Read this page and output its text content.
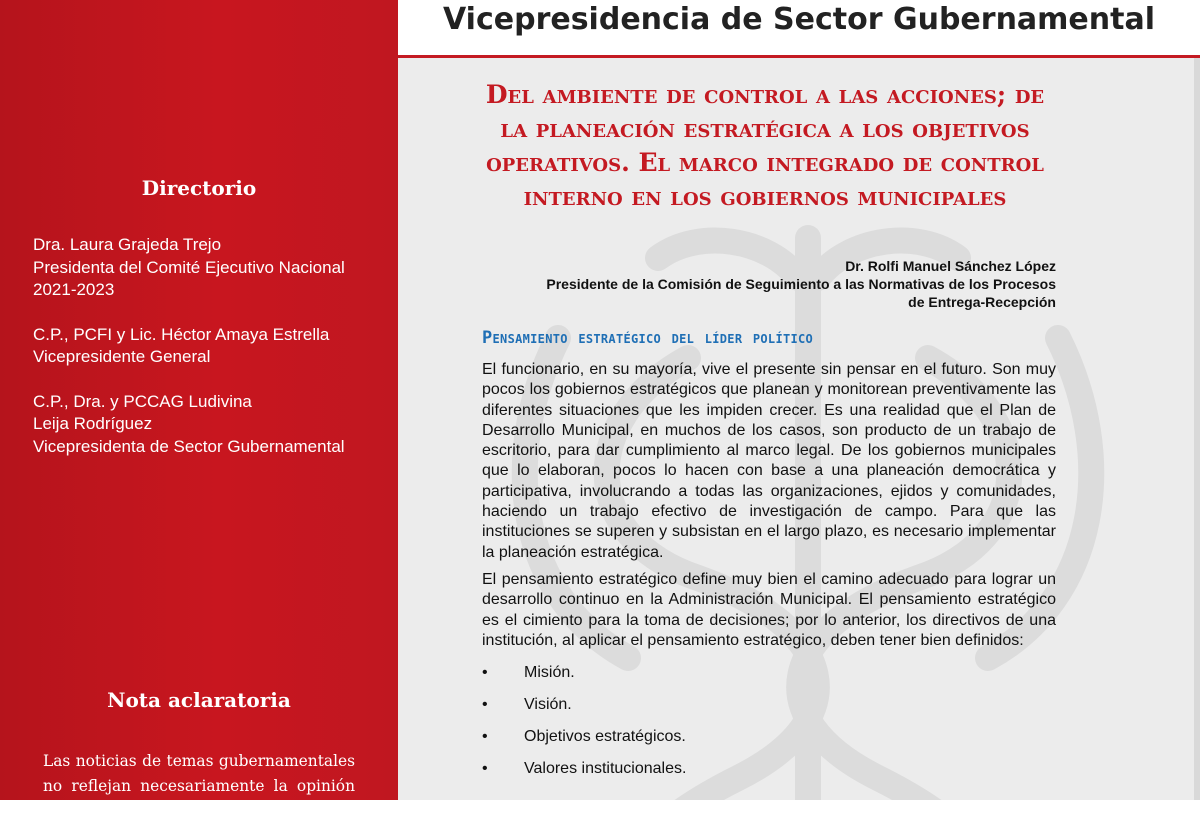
Directorio
Dra. Laura Grajeda Trejo
Presidenta del Comité Ejecutivo Nacional
2021-2023
C.P., PCFI y Lic. Héctor Amaya Estrella
Vicepresidente General
C.P., Dra. y PCCAG Ludivina
Leija Rodríguez
Vicepresidenta de Sector Gubernamental
Nota aclaratoria
Las noticias de temas gubernamentales no reflejan necesariamente la opinión del
Vicepresidencia de Sector Gubernamental
Del ambiente de control a las acciones; de la planeación estratégica a los objetivos operativos. El marco integrado de control interno en los gobiernos municipales
Dr. Rolfi Manuel Sánchez López
Presidente de la Comisión de Seguimiento a las Normativas de los Procesos
de Entrega-Recepción
Pensamiento estratégico del líder político

El funcionario, en su mayoría, vive el presente sin pensar en el futuro. Son muy pocos los gobiernos estratégicos que planean y monitorean preventivamente las diferentes situaciones que les impiden crecer. Es una realidad que el Plan de Desarrollo Municipal, en muchos de los casos, son producto de un trabajo de escritorio, para dar cumplimiento al marco legal. De los gobiernos municipales que lo elaboran, pocos lo hacen con base a una planeación democrática y participativa, involucrando a todas las organizaciones, ejidos y comunidades, haciendo un trabajo efectivo de investigación de campo. Para que las instituciones se superen y subsistan en el largo plazo, es necesario implementar la planeación estratégica.

El pensamiento estratégico define muy bien el camino adecuado para lograr un desarrollo continuo en la Administración Municipal. El pensamiento estratégico es el cimiento para la toma de decisiones; por lo anterior, los directivos de una institución, al aplicar el pensamiento estratégico, deben tener bien definidos:

• Misión.
• Visión.
• Objetivos estratégicos.
• Valores institucionales.
